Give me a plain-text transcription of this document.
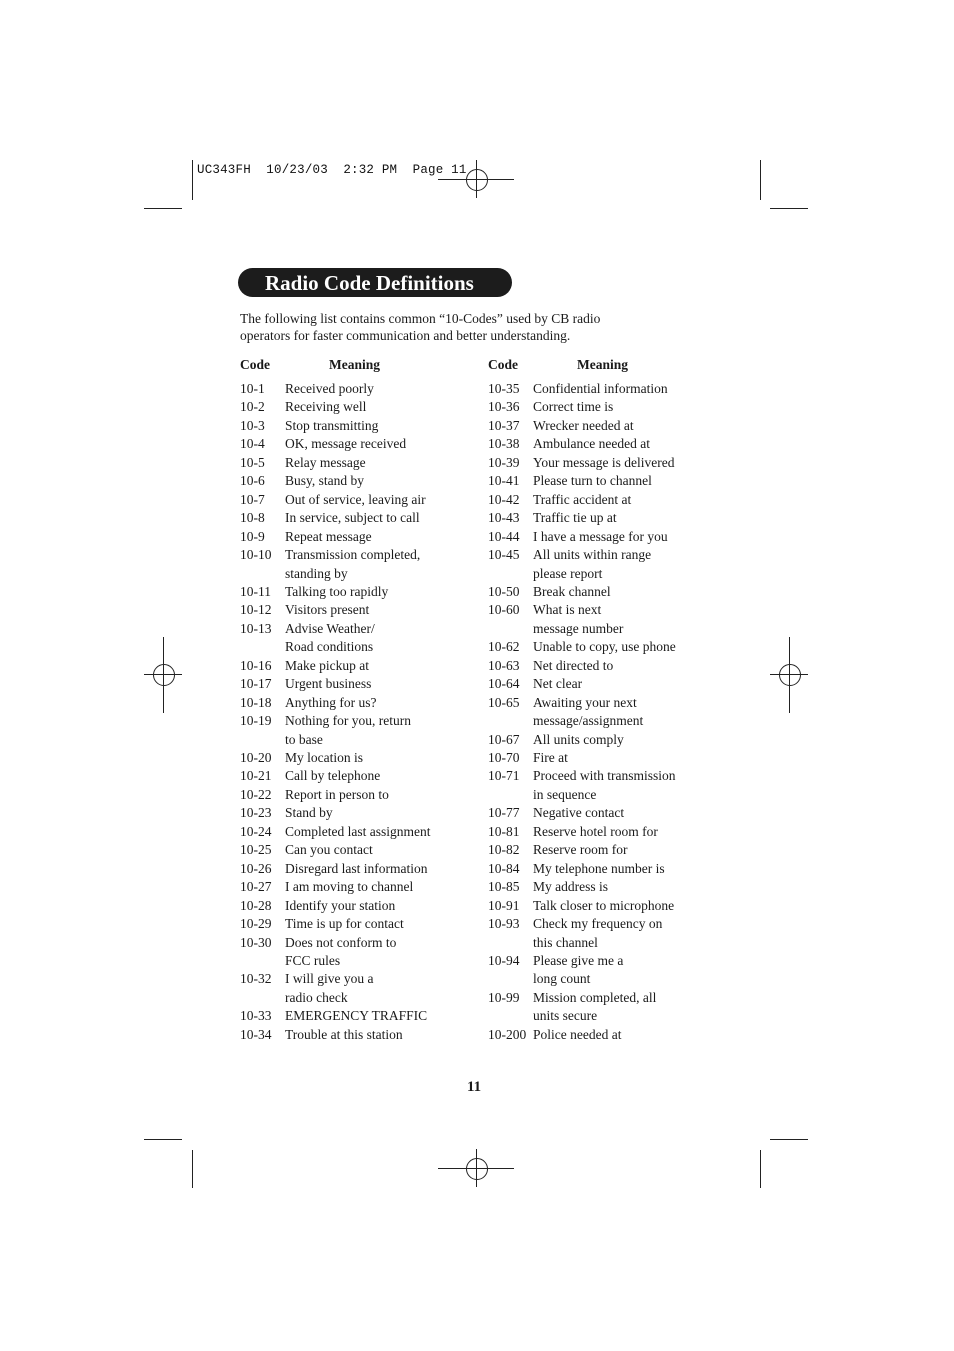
UC343FH  10/23/03  2:32 PM  Page 11
Radio Code Definitions
The following list contains common “10-Codes” used by CB radio
operators for faster communication and better understanding.
Code	Meaning	Code	Meaning
10-1 Received poorly
10-2 Receiving well
10-3 Stop transmitting
10-4 OK, message received
10-5 Relay message
10-6 Busy, stand by
10-7 Out of service, leaving air
10-8 In service, subject to call
10-9 Repeat message
10-10 Transmission completed,
standing by
10-11 Talking too rapidly
10-12 Visitors present
10-13 Advise Weather/
Road conditions
10-16 Make pickup at
10-17 Urgent business
10-18 Anything for us?
10-19 Nothing for you, return
to base
10-20 My location is
10-21 Call by telephone
10-22 Report in person to
10-23 Stand by
10-24 Completed last assignment
10-25 Can you contact
10-26 Disregard last information
10-27 I am moving to channel
10-28 Identify your station
10-29 Time is up for contact
10-30 Does not conform to
FCC rules
10-32 I will give you a
radio check
10-33 EMERGENCY TRAFFIC
10-34 Trouble at this station
10-35 Confidential information
10-36 Correct time is
10-37 Wrecker needed at
10-38 Ambulance needed at
10-39 Your message is delivered
10-41 Please turn to channel
10-42 Traffic accident at
10-43 Traffic tie up at
10-44 I have a message for you
10-45 All units within range
please report
10-50 Break channel
10-60 What is next
message number
10-62 Unable to copy, use phone
10-63 Net directed to
10-64 Net clear
10-65 Awaiting your next
message/assignment
10-67 All units comply
10-70 Fire at
10-71 Proceed with transmission
in sequence
10-77 Negative contact
10-81 Reserve hotel room for
10-82 Reserve room for
10-84 My telephone number is
10-85 My address is
10-91 Talk closer to microphone
10-93 Check my frequency on
this channel
10-94 Please give me a
long count
10-99 Mission completed, all
units secure
10-200 Police needed at
11
